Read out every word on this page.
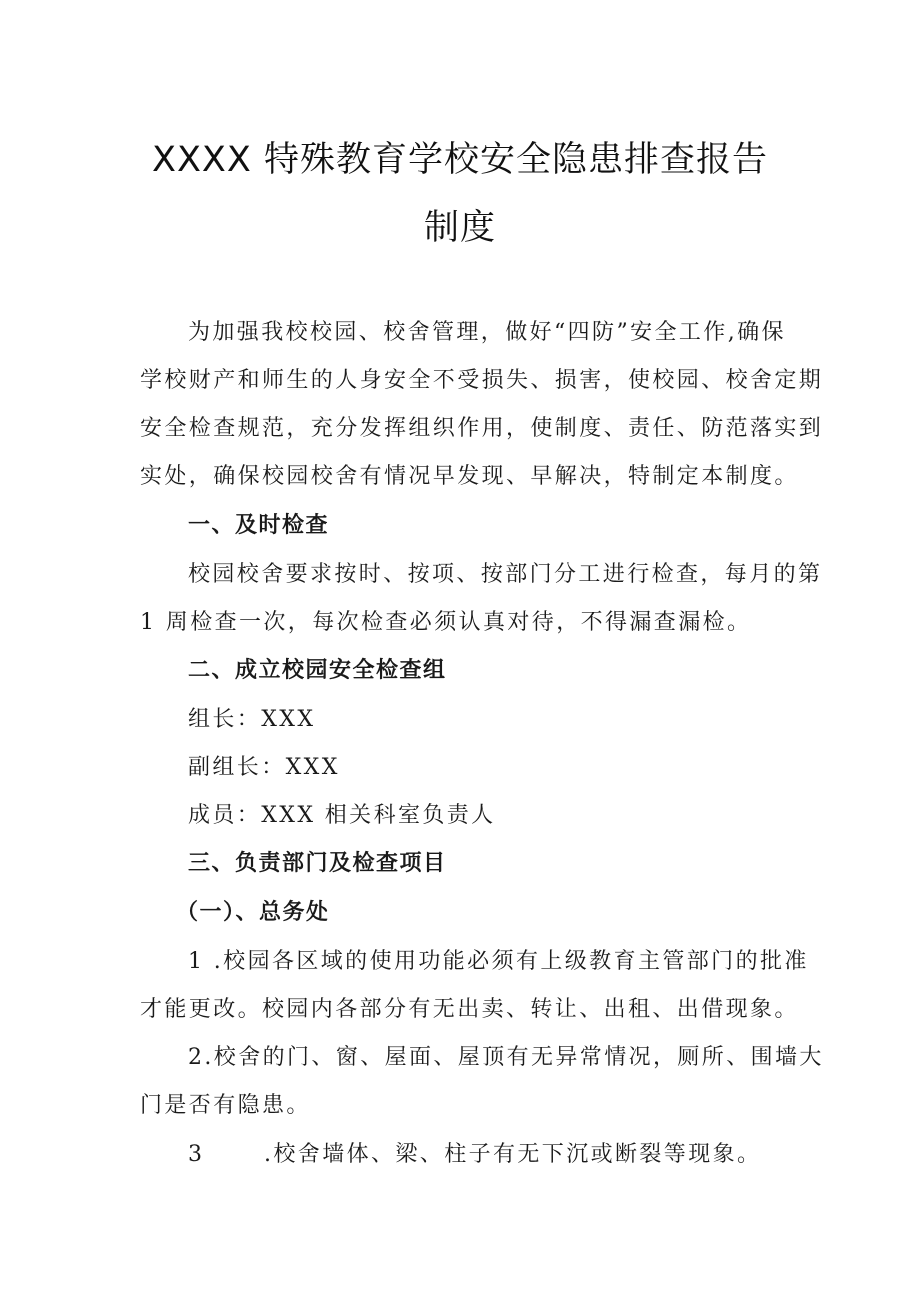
XXXX 特殊教育学校安全隐患排查报告
制度
为加强我校校园、校舍管理，做好“四防”安全工作,确保
学校财产和师生的人身安全不受损失、损害，使校园、校舍定期
安全检查规范，充分发挥组织作用，使制度、责任、防范落实到
实处，确保校园校舍有情况早发现、早解决，特制定本制度。
一、及时检查
校园校舍要求按时、按项、按部门分工进行检查，每月的第
1 周检查一次，每次检查必须认真对待，不得漏查漏检。
二、成立校园安全检查组
组长：XXX
副组长：XXX
成员：XXX 相关科室负责人
三、负责部门及检查项目
（一）、总务处
1 .校园各区域的使用功能必须有上级教育主管部门的批准
才能更改。校园内各部分有无出卖、转让、出租、出借现象。
2.校舍的门、窗、屋面、屋顶有无异常情况，厕所、围墙大
门是否有隐患。
3	.校舍墙体、梁、柱子有无下沉或断裂等现象。
